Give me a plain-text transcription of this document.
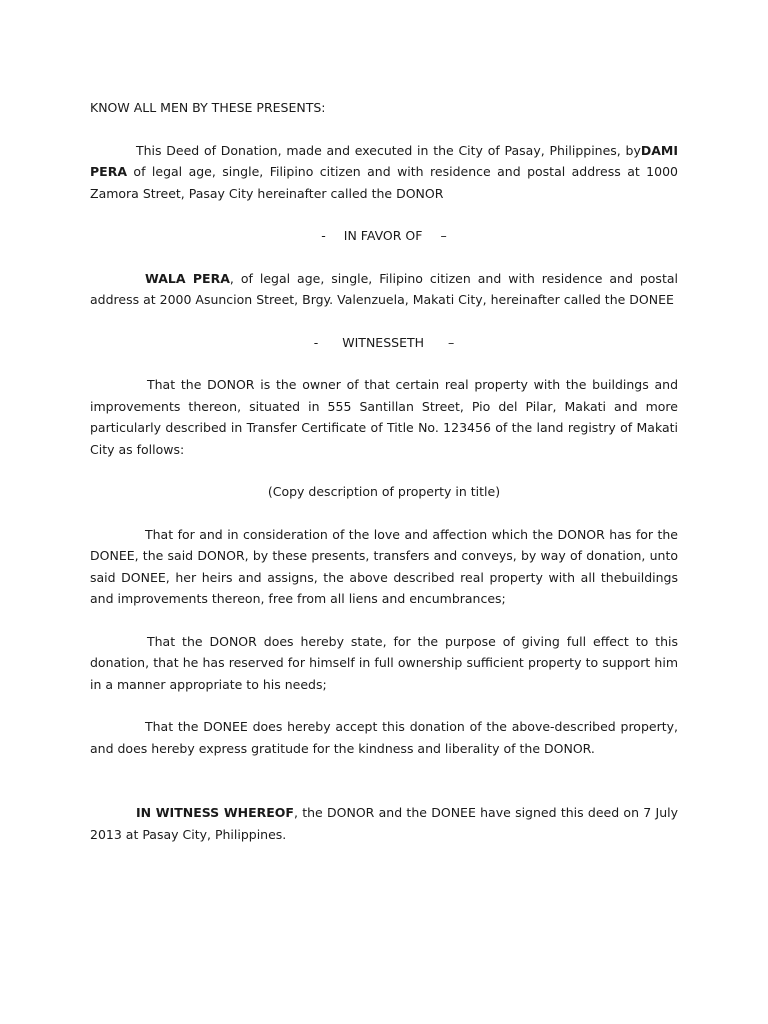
KNOW ALL MEN BY THESE PRESENTS:

This Deed of Donation, made and executed in the City of Pasay, Philippines, byDAMI PERA of legal age, single, Filipino citizen and with residence and postal address at 1000 Zamora Street, Pasay City hereinafter called the DONOR

- IN FAVOR OF –

WALA PERA, of legal age, single, Filipino citizen and with residence and postal address at 2000 Asuncion Street, Brgy. Valenzuela, Makati City, hereinafter called the DONEE

- WITNESSETH –

That the DONOR is the owner of that certain real property with the buildings and improvements thereon, situated in 555 Santillan Street, Pio del Pilar, Makati and more particularly described in Transfer Certificate of Title No. 123456 of the land registry of Makati City as follows:

(Copy description of property in title)

That for and in consideration of the love and affection which the DONOR has for the DONEE, the said DONOR, by these presents, transfers and conveys, by way of donation, unto said DONEE, her heirs and assigns, the above described real property with all thebuildings and improvements thereon, free from all liens and encumbrances;

That the DONOR does hereby state, for the purpose of giving full effect to this donation, that he has reserved for himself in full ownership sufficient property to support him in a manner appropriate to his needs;

That the DONEE does hereby accept this donation of the above-described property, and does hereby express gratitude for the kindness and liberality of the DONOR.

IN WITNESS WHEREOF, the DONOR and the DONEE have signed this deed on 7 July 2013 at Pasay City, Philippines.
